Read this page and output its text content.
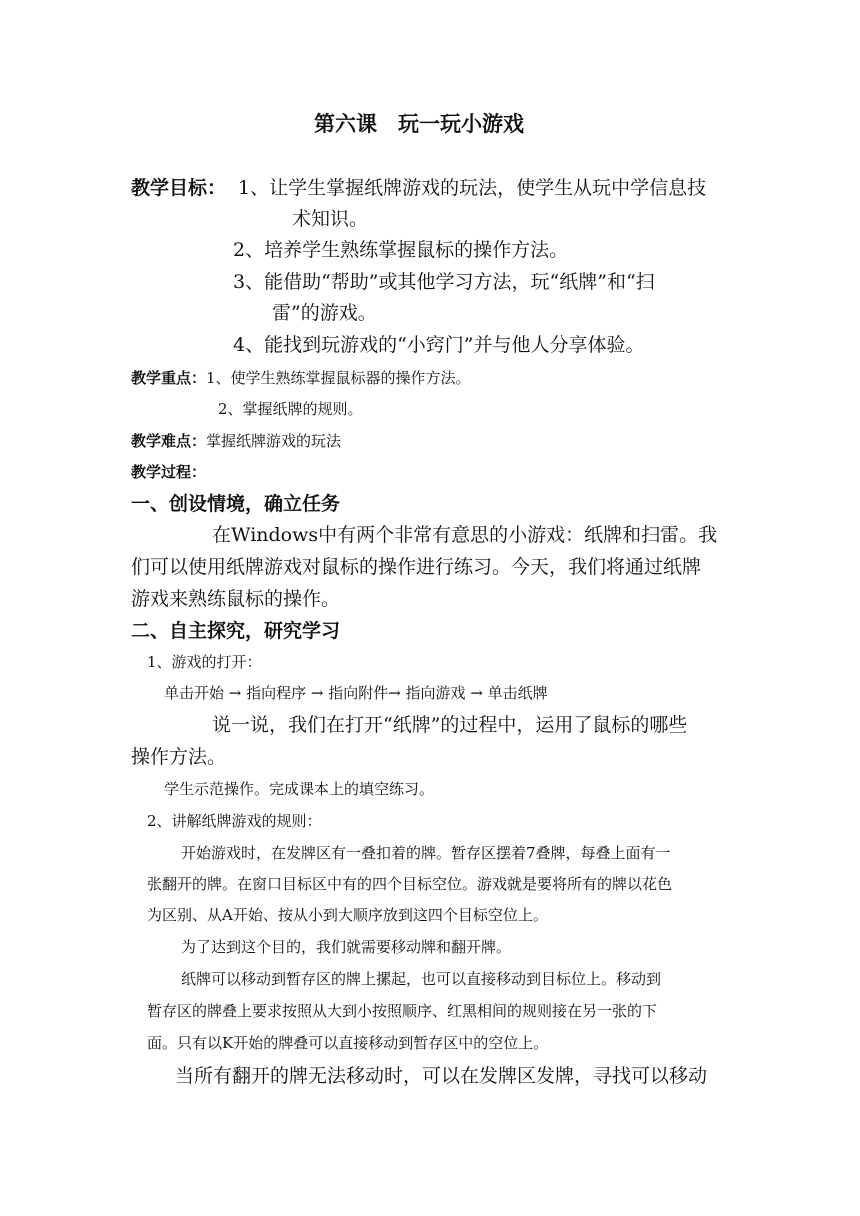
第六课　玩一玩小游戏
教学目标： 1、让学生掌握纸牌游戏的玩法，使学生从玩中学信息技
术知识。
2、培养学生熟练掌握鼠标的操作方法。
3、能借助“帮助”或其他学习方法，玩“纸牌”和“扫
雷”的游戏。
4、能找到玩游戏的“小窍门”并与他人分享体验。
教学重点： 1、使学生熟练掌握鼠标器的操作方法。
2、掌握纸牌的规则。
教学难点： 掌握纸牌游戏的玩法
教学过程：
一、创设情境，确立任务
在Windows中有两个非常有意思的小游戏：纸牌和扫雷。我
们可以使用纸牌游戏对鼠标的操作进行练习。今天，我们将通过纸牌
游戏来熟练鼠标的操作。
二、自主探究，研究学习
1、游戏的打开：
单击开始 → 指向程序 → 指向附件→ 指向游戏 → 单击纸牌
说一说，我们在打开“纸牌”的过程中，运用了鼠标的哪些
操作方法。
学生示范操作。完成课本上的填空练习。
2、讲解纸牌游戏的规则：
开始游戏时，在发牌区有一叠扣着的牌。暂存区摆着7叠牌，每叠上面有一
张翻开的牌。在窗口目标区中有的四个目标空位。游戏就是要将所有的牌以花色
为区别、从A开始、按从小到大顺序放到这四个目标空位上。
为了达到这个目的，我们就需要移动牌和翻开牌。
纸牌可以移动到暂存区的牌上摞起，也可以直接移动到目标位上。移动到
暂存区的牌叠上要求按照从大到小按照顺序、红黑相间的规则接在另一张的下
面。只有以K开始的牌叠可以直接移动到暂存区中的空位上。
当所有翻开的牌无法移动时，可以在发牌区发牌，寻找可以移动
